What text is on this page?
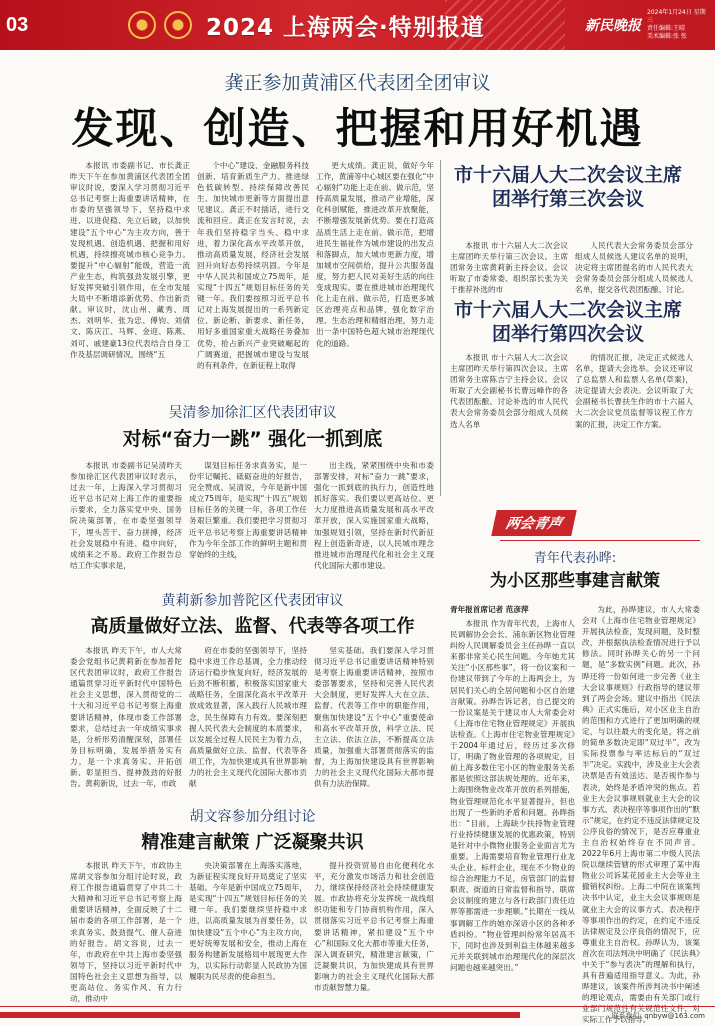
03	2024 上海两会·特别报道	新民晚报
2024年1月24日 星期三
责任编辑:王晴
美术编辑:张 张
龚正参加黄浦区代表团全团审议
发现、创造、把握和用好机遇

本报讯 市委副书记、市长龚正昨天下午在参加黄浦区代表团全团审议时说，要深入学习贯彻习近平总书记考察上海重要讲话精神，在市委的坚强领导下，坚持稳中求进、以进促稳、先立后破，以加快建设“五个中心”为主攻方向，善于发现机遇、创造机遇、把握和用好机遇，持续擦亮城市核心竞争力。要提升“中心辐射”能级，营造一流产业生态，构筑强劲发展引擎，更好发挥突破引领作用，在全市发展大局中不断增添新优势、作出新贡献。审议时，沈山州、藏秀、周杰、刘明华、张为忠、傅钧、刘倩文、陈庆江、马辉、金迎、陈燕、刘可、戚建豪13位代表结合自身工作及基层调研情况，围绕“五

个中心”建设、金融服务科技创新、培育新质生产力、推进绿色低碳转型、持续保障改善民生、加快城市更新等方面提出意见建议。龚正不时插话，进行交流和回应。龚正在发言时说，去年我们坚持稳字当头、稳中求进，着力深化高水平改革开放，推动高质量发展，经济社会发展回升向好态势持续巩固。今年是中华人民共和国成立75周年，是实现“十四五”规划目标任务的关键一年。我们要按照习近平总书记对上海发展提出的一系列新定位、新论断、新要求、新任务，用好多重国家重大战略任务叠加优势，抢占新兴产业突破崛起的广阔赛道，把握城市建设与发展的有利条件，在新征程上取得

更大成绩。龚正说，做好今年工作，黄浦等中心城区要在强化“中心辐射”功能上走在前、做示范，坚持高质量发展，推动产业增能，深化科创赋能，推进改革开放聚能，不断增强发展新优势。要在打造高品质生活上走在前、做示范，把增进民生福祉作为城市建设的出发点和落脚点，加大城市更新力度，增加城市空间供给，提升公共服务温度，努力把人民对美好生活的向往变成现实。要在推进城市治理现代化上走在前、做示范，打造更多城区治理亮点和品牌，强化数字治理、生态治理和精细治理，努力走出一条中国特色超大城市治理现代化的道路。

市十六届人大二次会议主席团举行第三次会议

本报讯 市十六届人大二次会议主席团昨天举行第三次会议。主席团常务主席黄莉新主持会议。会议听取了市委常委、组织部长张为关于推荐补选的市

人民代表大会常务委员会部分组成人员候选人建议名单的说明，决定将主席团提名的市人民代表大会常务委员会部分组成人员候选人名单，提交各代表团酝酿、讨论。

市十六届人大二次会议主席团举行第四次会议

本报讯 市十六届人大二次会议主席团昨天举行第四次会议。主席团常务主席陈吉宁主持会议。会议听取了大会副秘书长曹远峰作的各代表团酝酿、讨论补选的市人民代表大会常务委员会部分组成人员候选人名单

的情况汇报，决定正式候选人名单，提请大会选举。会议还审议了总监票人和监票人名单(草案)，决定提请大会表决。会议听取了大会副秘书长曹扶生作的市十六届人大二次会议党员监督等议程工作方案的汇报，决定工作方案。

吴清参加徐汇区代表团审议
对标“奋力一跳” 强化一抓到底

本报讯 市委副书记吴清昨天参加徐汇区代表团审议时表示，过去一年，上海深入学习贯彻习近平总书记对上海工作的重要指示要求，全力落实党中央、国务院决策部署，在市委坚强领导下，埋头苦干、奋力拼搏，经济社会发展稳中有进、稳中向好，成绩来之不易。政府工作报告总结工作实事求是，

谋划目标任务求真务实，是一份牢记嘱托、砥砺奋进的好报告，完全赞成。吴清说，今年是新中国成立75周年，是实现“十四五”规划目标任务的关键一年，各项工作任务艰巨繁重。我们要把学习贯彻习近平总书记考察上海重要讲话精神作为今年全部工作的鲜明主题和贯穿始终的主线，

出主线，紧紧围绕中央和市委部署安排，对标“奋力一跳”要求，强化一抓到底的执行力，创造性地抓好落实。我们要以更高站位、更大力度推进高质量发展和高水平改革开放，深入实施国家重大战略，加强规划引领，坚持在新时代新征程上创造新奇迹，以人民城市理念推进城市治理现代化和社会主义现代化国际大都市建设。

黄莉新参加普陀区代表团审议
高质量做好立法、监督、代表等各项工作

本报讯 昨天下午，市人大常委会党组书记黄莉新在参加普陀区代表团审议时，政府工作报告通篇贯穿习近平新时代中国特色社会主义思想，深入贯彻党的二十大和习近平总书记考察上海重要讲话精神，体现市委工作部署要求，总结过去一年成绩实事求是，分析形势清醒深刻，部署任务目标明确，发展举措务实有力，是一个求真务实、开拓创新、彰显担当、提神鼓劲的好报告。黄莉新说，过去一年，市政

府在市委的坚强领导下，坚持稳中求进工作总基调，全力推动经济运行稳步恢复向好，经济发展的后劲不断积蓄，积极落实国家重大战略任务，全面深化高水平改革开放成效显著，深入践行人民城市理念，民生保障有力有效。要深刻把握人民代表大会制度的本质要求，以发展全过程人民民主为着力点，高质量做好立法、监督、代表等各项工作，为加快建成具有世界影响力的社会主义现代化国际大都市贡献

坚实基础。我们要深入学习贯彻习近平总书记重要讲话精神特别是考察上海重要讲话精神，按照市委部署要求，坚持和完善人民代表大会制度，更好发挥人大在立法、监督、代表等工作中的职能作用，聚焦加快建设“五个中心”重要使命和高水平改革开放，科学立法、民主立法、依法立法，不断提高立法质量，加强重大部署贯彻落实的监督，为上海加快建设具有世界影响力的社会主义现代化国际大都市提供有力法治保障。

胡文容参加分组讨论
精准建言献策 广泛凝聚共识

本报讯 昨天下午，市政协主席胡文容参加分组讨论时说，政府工作报告通篇贯穿了中共二十大精神和习近平总书记考察上海重要讲话精神，全面反映了十二届市委的各项工作部署，是一个求真务实、鼓劲提气、催人奋进的好报告。胡文容说，过去一年，市政府在中共上海市委坚强领导下，坚持以习近平新时代中国特色社会主义思想为指导，以更高站位、务实作风、有力行动，推动中

央决策部署在上海落实落地，为新征程实现良好开局奠定了坚实基础。今年是新中国成立75周年，是实现“十四五”规划目标任务的关键一年。我们要继续坚持稳中求进，以高质量发展为首要任务，以加快建设“五个中心”为主攻方向，更好统筹发展和安全，推动上海在服务构建新发展格局中展现更大作为，以实际行动彰显人民政协为国履职为民尽责的使命担当。

提升投资贸易自由化便利化水平，充分激发市场活力和社会创造力，继续保持经济社会持续健康发展。市政协将充分发挥统一战线组织功能和专门协商机构作用，深入贯彻落实习近平总书记考察上海重要讲话精神，紧扣建设“五个中心”和国际文化大都市等重大任务，深入调查研究，精准建言献策，广泛凝聚共识，为加快建成具有世界影响力的社会主义现代化国际大都市贡献智慧力量。

两会青声
青年代表孙晔:
为小区那些事建言献策
青年报首席记者 范彦萍

本报讯 作为青年代表，上海市人民调解协会会长、浦东新区物业管理纠纷人民调解委员会主任孙晔一直以来都非常关心民生问题。今年她尤其关注“小区那些事”，将一份议案和一份建议带到了今年的上海两会上，为居民们关心的全居问题和小区自治建言献策。孙晔告诉记者，自己提交的一份议案是关于建议市人大常委会对《上海市住宅物业管理规定》开展执法检查。《上海市住宅物业管理规定》于2004年通过后，经历过多次修订，明确了物业管理的各项规定，目前上海多数住宅小区的物业服务关系都是依照这部法规处理的。近年来，上海围绕物业改革开放的系列措施，物业管理规范化水平显著提升，但也出现了一些新的矛盾和问题。孙晔指出：“目前，上海缺少扶持物业管理行业持续健康发展的优惠政策，特别是针对中小微物业服务企业面言尤为重要。上海需要培育物业管理行业龙头企业、标杆企业，现在不少物业的综合治理能力不足，房管部门的监督职责、街道的日常监督和指导、联席会议制度的建立与各行政部门责任边界等都需进一步理顺。”长期在一线从事调解工作的她亦深谙小区的各种矛盾纠纷。“物业管理纠纷常年居高不下，同时也涉及到利益主体越来越多元并关联到城市治理现代化的深层次问题也越来越突出。”

为此，孙晔建议，市人大常委会对《上海市住宅物业管理规定》开展执法检查，发现问题，及时整改，并根据执法检查情况进行予以修法。同时孙晔关心的另一个问题，是“多数实例”问题。此次，孙晔还将一份如何进一步完善《业主大会议事规则》行政指导的建议带到了两会会场。建议中指出《民法典》正式实施后，对小区业主自治的范围和方式进行了更加明确的规定，与以往最大的变化是，将之前的简单多数决定即“双过半”，改为实际投票参与率达标后的“双过半”决定。实践中，涉及业主大会表决票是否有效送达、是否视作参与表决，始终是矛盾冲突的焦点。若业主大会议事规则就业主大会的议事方式、表决程序等事项作出的“默示”规定，在约定不违反法律规定及公序良俗的情况下，是否应尊重业主自治权始终存在不同声音。2022年6月上海市第二中级人民法院以继续管辖的形式审理了某中海物业公司诉某花园业主大会等业主撤销权纠纷。上海二中院在该案判决书中认定，业主大会议事规则是就业主大会的议事方式、表决程序等事项作出的约定，在约定不违反法律规定及公序良俗的情况下，应尊重业主自治权。孙晔认为，该案首次在司法判决中明确了《民法典》中关于“参与表决”的理解和执行，具有普遍适用指导意义。为此，孙晔建议，该案件所涉判决书中阐述的理论观点，需要由有关部门或行业部门规范性有关规范性文件，对实际工作予以指导。

联系我们: qnbyw@163.com
